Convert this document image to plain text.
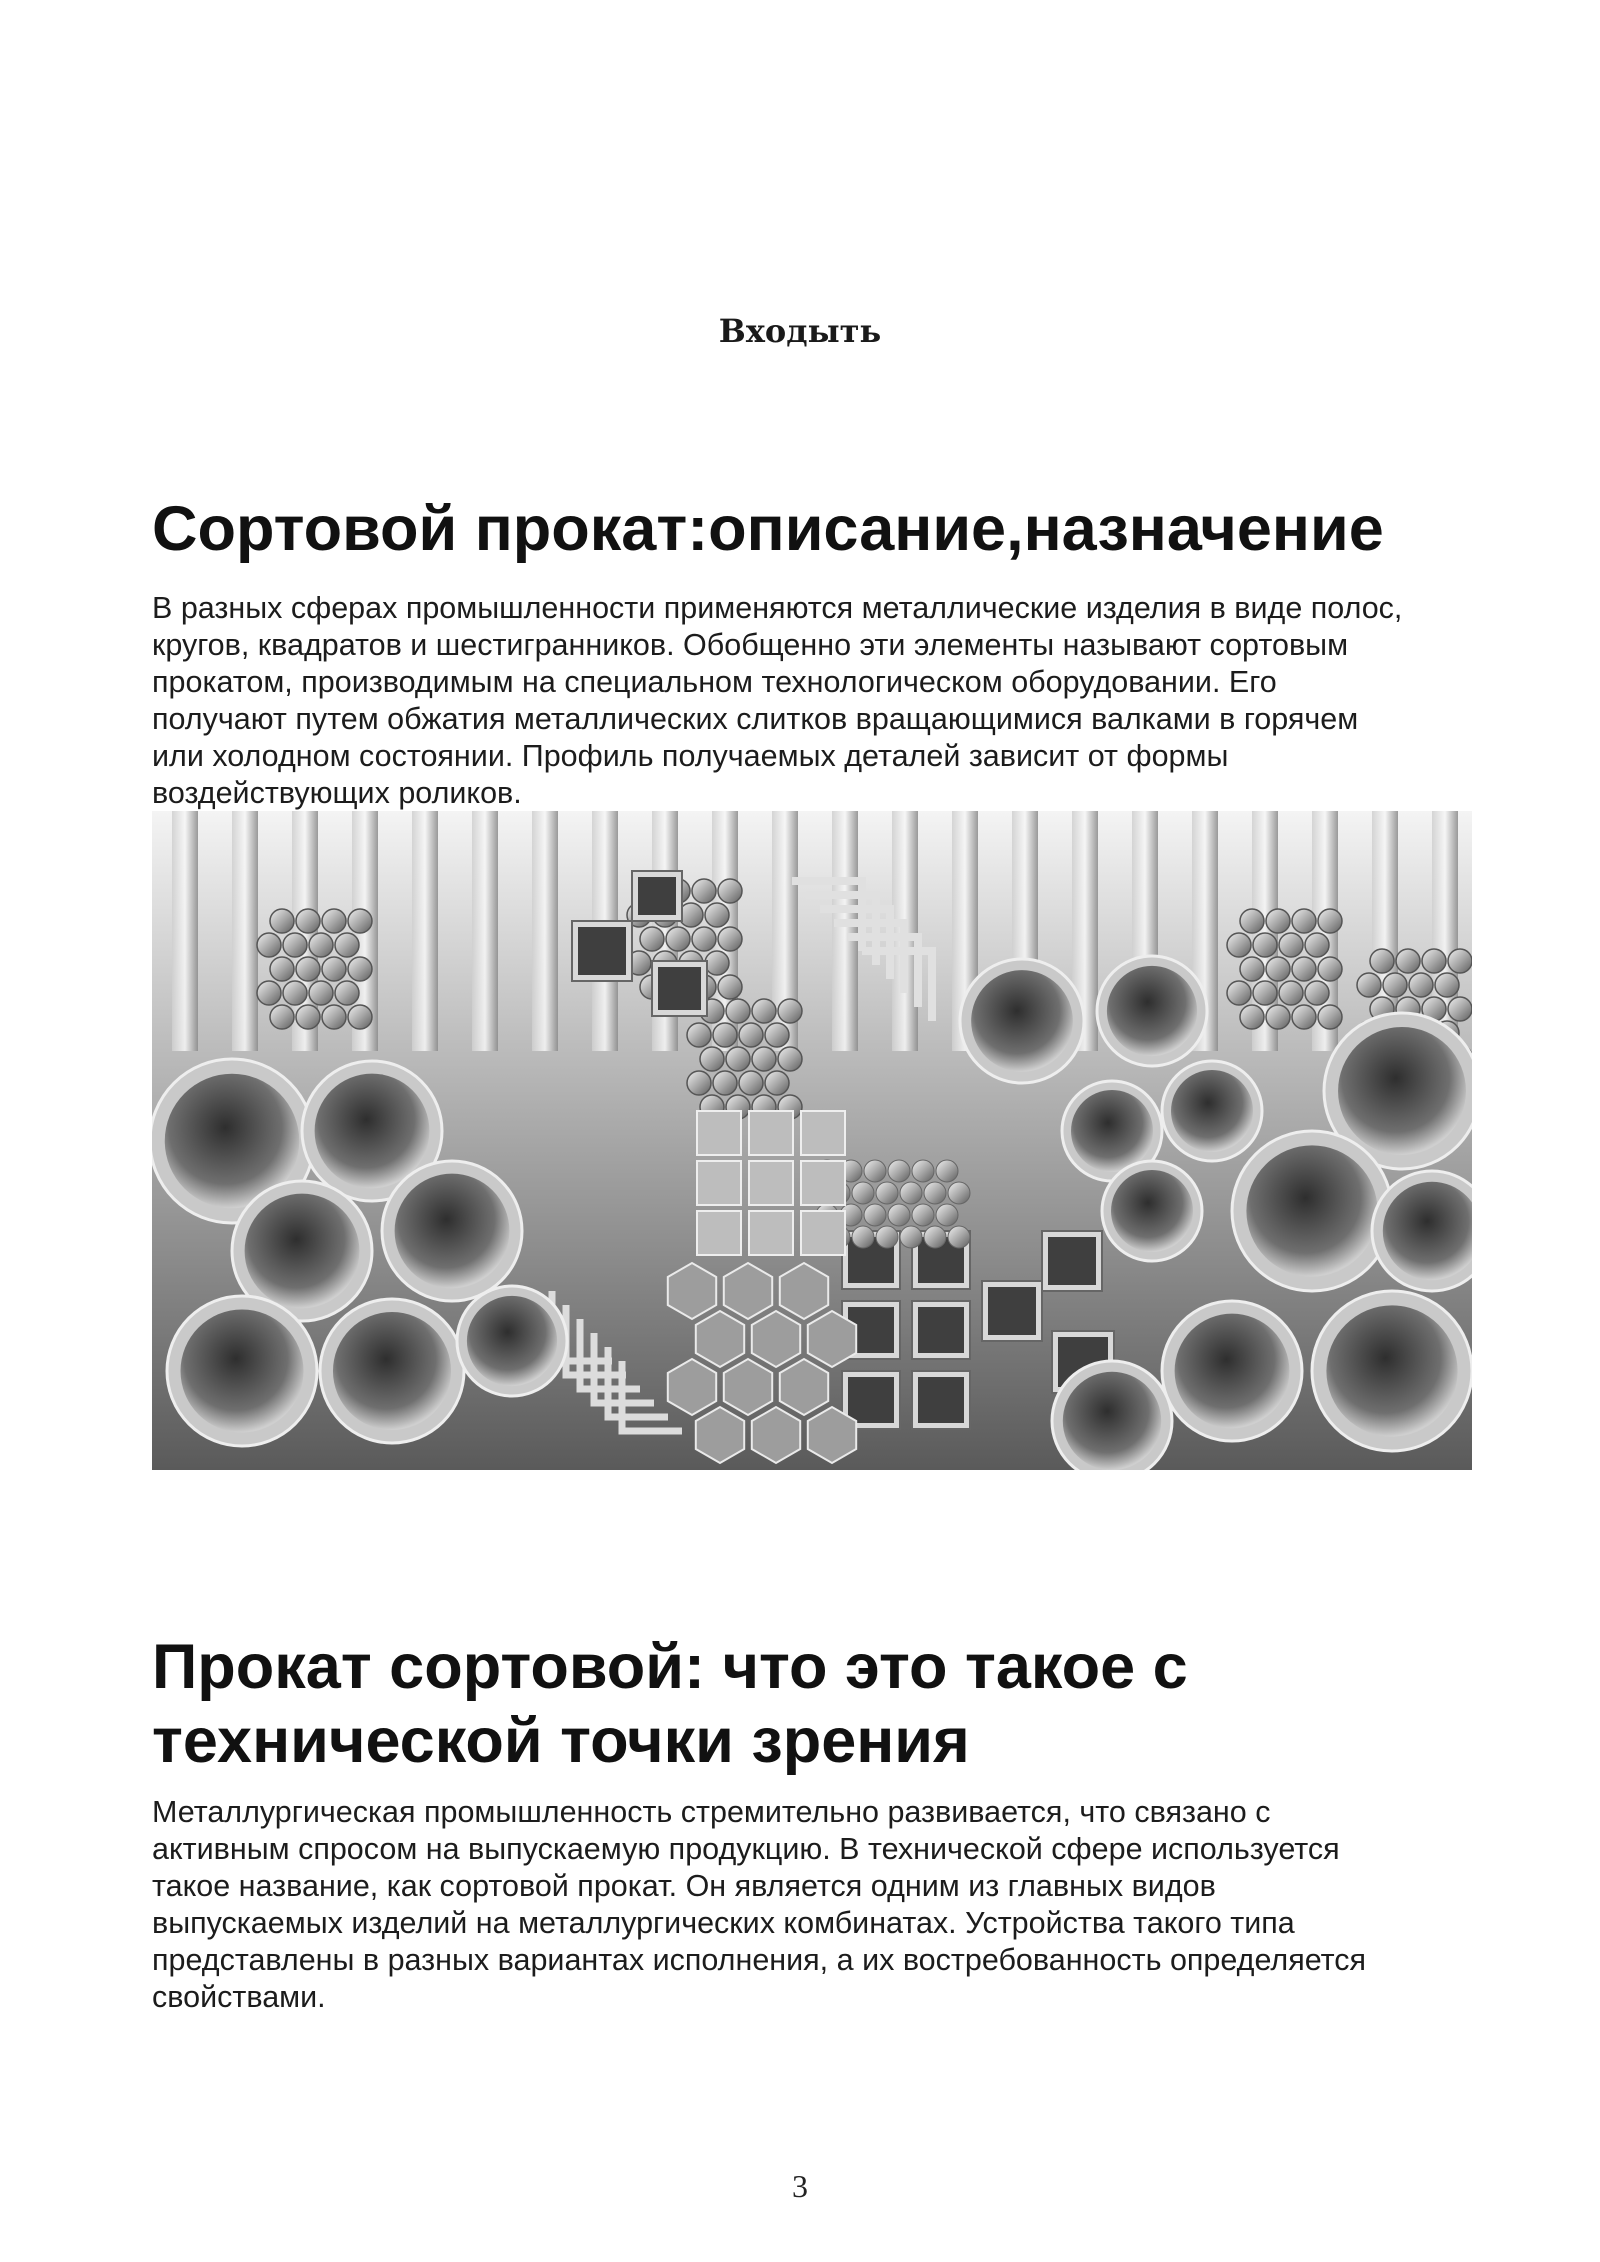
Входыть
Сортовой прокат:описание,назначение
В разных сферах промышленности применяются металлические изделия в виде полос,
кругов, квадратов и шестигранников. Обобщенно эти элементы называют сортовым
прокатом, производимым на специальном технологическом оборудовании. Его
получают путем обжатия металлических слитков вращающимися валками в горячем
или холодном состоянии. Профиль получаемых деталей зависит от формы
воздействующих роликов.
Прокат сортовой: что это такое с
технической точки зрения
Металлургическая промышленность стремительно развивается, что связано с
активным спросом на выпускаемую продукцию. В технической сфере используется
такое название, как сортовой прокат. Он является одним из главных видов
выпускаемых изделий на металлургических комбинатах. Устройства такого типа
представлены в разных вариантах исполнения, а их востребованность определяется
свойствами.
3
